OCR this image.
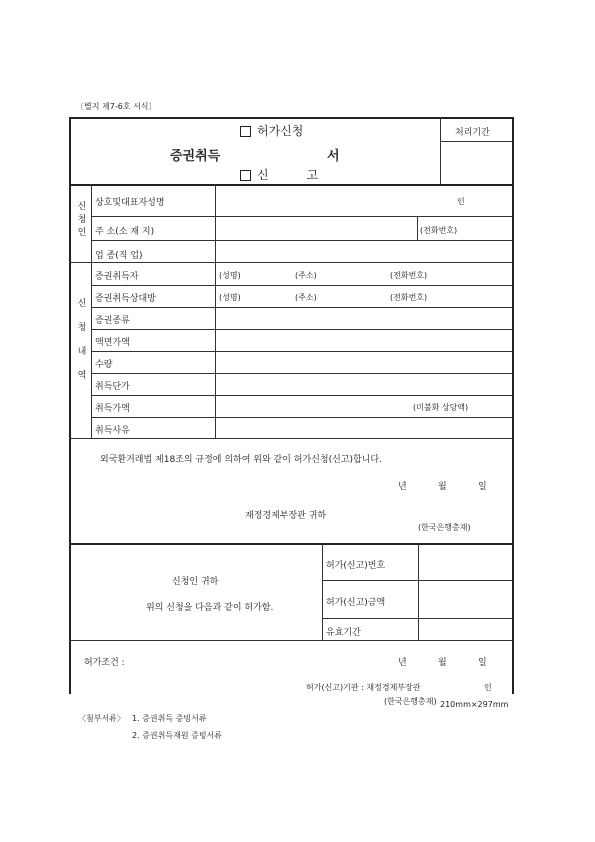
〔별지 제7-6호 서식〕
허가신청
증권취득	서
신	고
처리기간
신
청
인
상호및대표자성명	인
주 소(소 재 지)	(전화번호)
업 종(직 업)
신
청
내
역
증권취득자	(성명)	(주소)	(전화번호)
증권취득상대방	(성명)	(주소)	(전화번호)
증권종류
액면가액
수량
취득단가
취득가액	(미불화 상당액)
취득사유
외국환거래법 제18조의 규정에 의하여 위와 같이 허가신청(신고)합니다.
년	월	일
재정경제부장관 귀하
(한국은행총재)
신청인 귀하
위의 신청을 다음과 같이 허가함.
허가(신고)번호
허가(신고)금액
유효기간
허가조건 :	년	월	일
허가(신고)기관 : 재정경제부장관	인
(한국은행총재) 210mm×297mm
〈첨부서류〉 1. 증권취득 증빙서류
2. 증권취득재원 증빙서류
